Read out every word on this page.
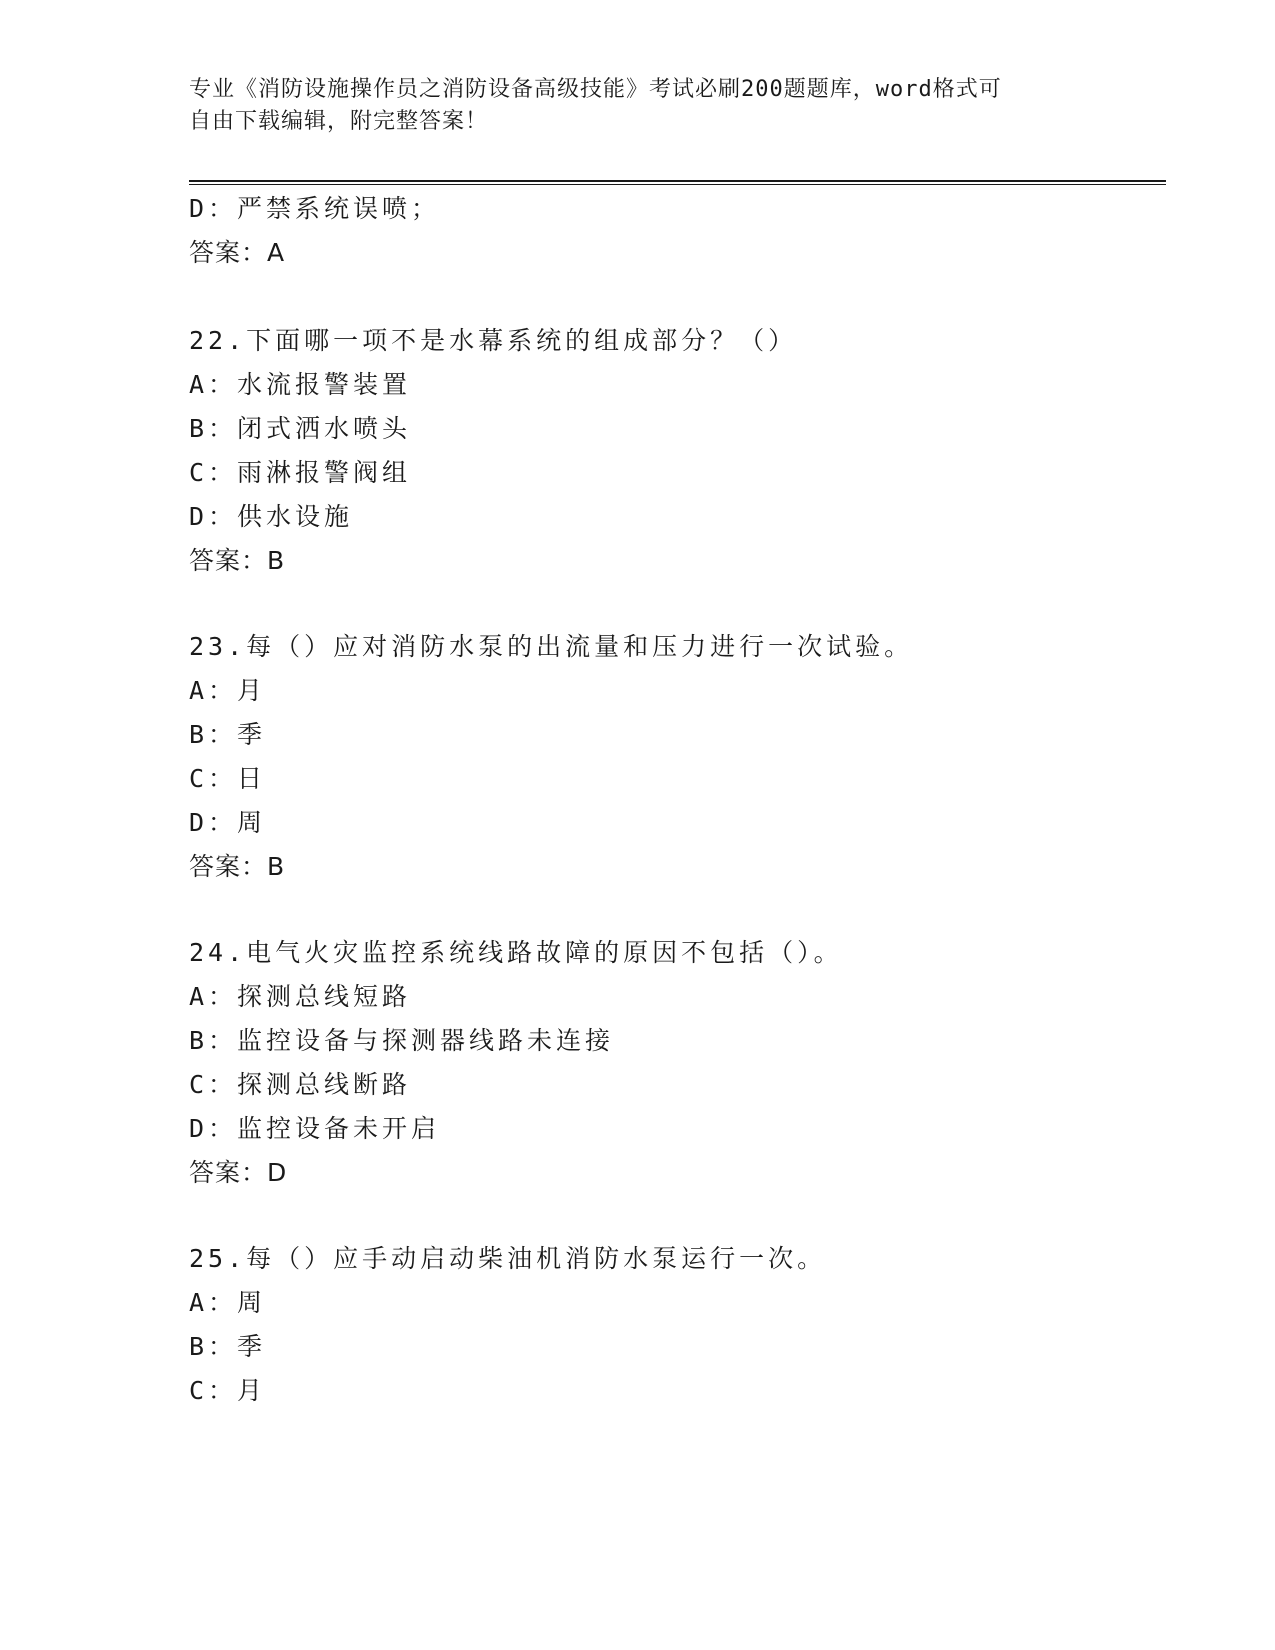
专业《消防设施操作员之消防设备高级技能》考试必刷200题题库，word格式可
自由下载编辑，附完整答案！
D：严禁系统误喷；
答案：A
22.下面哪一项不是水幕系统的组成部分？（）
A：水流报警装置
B：闭式洒水喷头
C：雨淋报警阀组
D：供水设施
答案：B
23.每（）应对消防水泵的出流量和压力进行一次试验。
A：月
B：季
C：日
D：周
答案：B
24.电气火灾监控系统线路故障的原因不包括（）。
A：探测总线短路
B：监控设备与探测器线路未连接
C：探测总线断路
D：监控设备未开启
答案：D
25.每（）应手动启动柴油机消防水泵运行一次。
A：周
B：季
C：月
